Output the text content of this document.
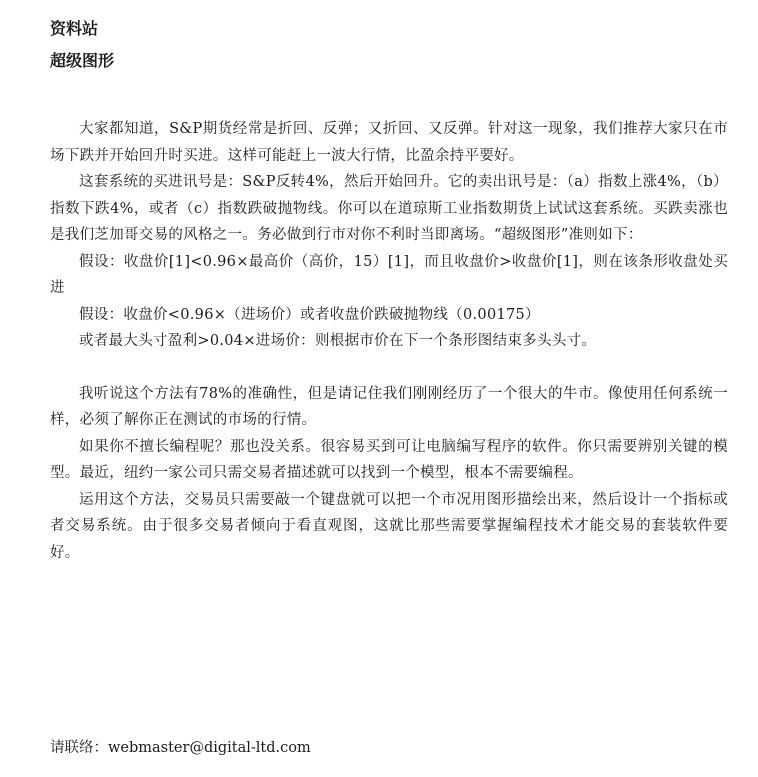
资料站

超级图形

大家都知道，S&P期货经常是折回、反弹；又折回、又反弹。针对这一现象，我们推荐大家只在市场下跌并开始回升时买进。这样可能赶上一波大行情，比盈余持平要好。

这套系统的买进讯号是：S&P反转4%，然后开始回升。它的卖出讯号是：（a）指数上涨4%，（b）指数下跌4%，或者（c）指数跌破抛物线。你可以在道琼斯工业指数期货上试试这套系统。买跌卖涨也是我们芝加哥交易的风格之一。务必做到行市对你不利时当即离场。“超级图形”准则如下：

假设：收盘价[1]<0.96×最高价（高价，15）[1]，而且收盘价>收盘价[1]，则在该条形收盘处买进

假设：收盘价<0.96×（进场价）或者收盘价跌破抛物线（0.00175）

或者最大头寸盈利>0.04×进场价：则根据市价在下一个条形图结束多头头寸。

我听说这个方法有78%的准确性，但是请记住我们刚刚经历了一个很大的牛市。像使用任何系统一样，必须了解你正在测试的市场的行情。

如果你不擅长编程呢？那也没关系。很容易买到可让电脑编写程序的软件。你只需要辨别关键的模型。最近，纽约一家公司只需交易者描述就可以找到一个模型，根本不需要编程。

运用这个方法，交易员只需要敲一个键盘就可以把一个市况用图形描绘出来，然后设计一个指标或者交易系统。由于很多交易者倾向于看直观图，这就比那些需要掌握编程技术才能交易的套装软件要好。

请联络：webmaster@digital-ltd.com
